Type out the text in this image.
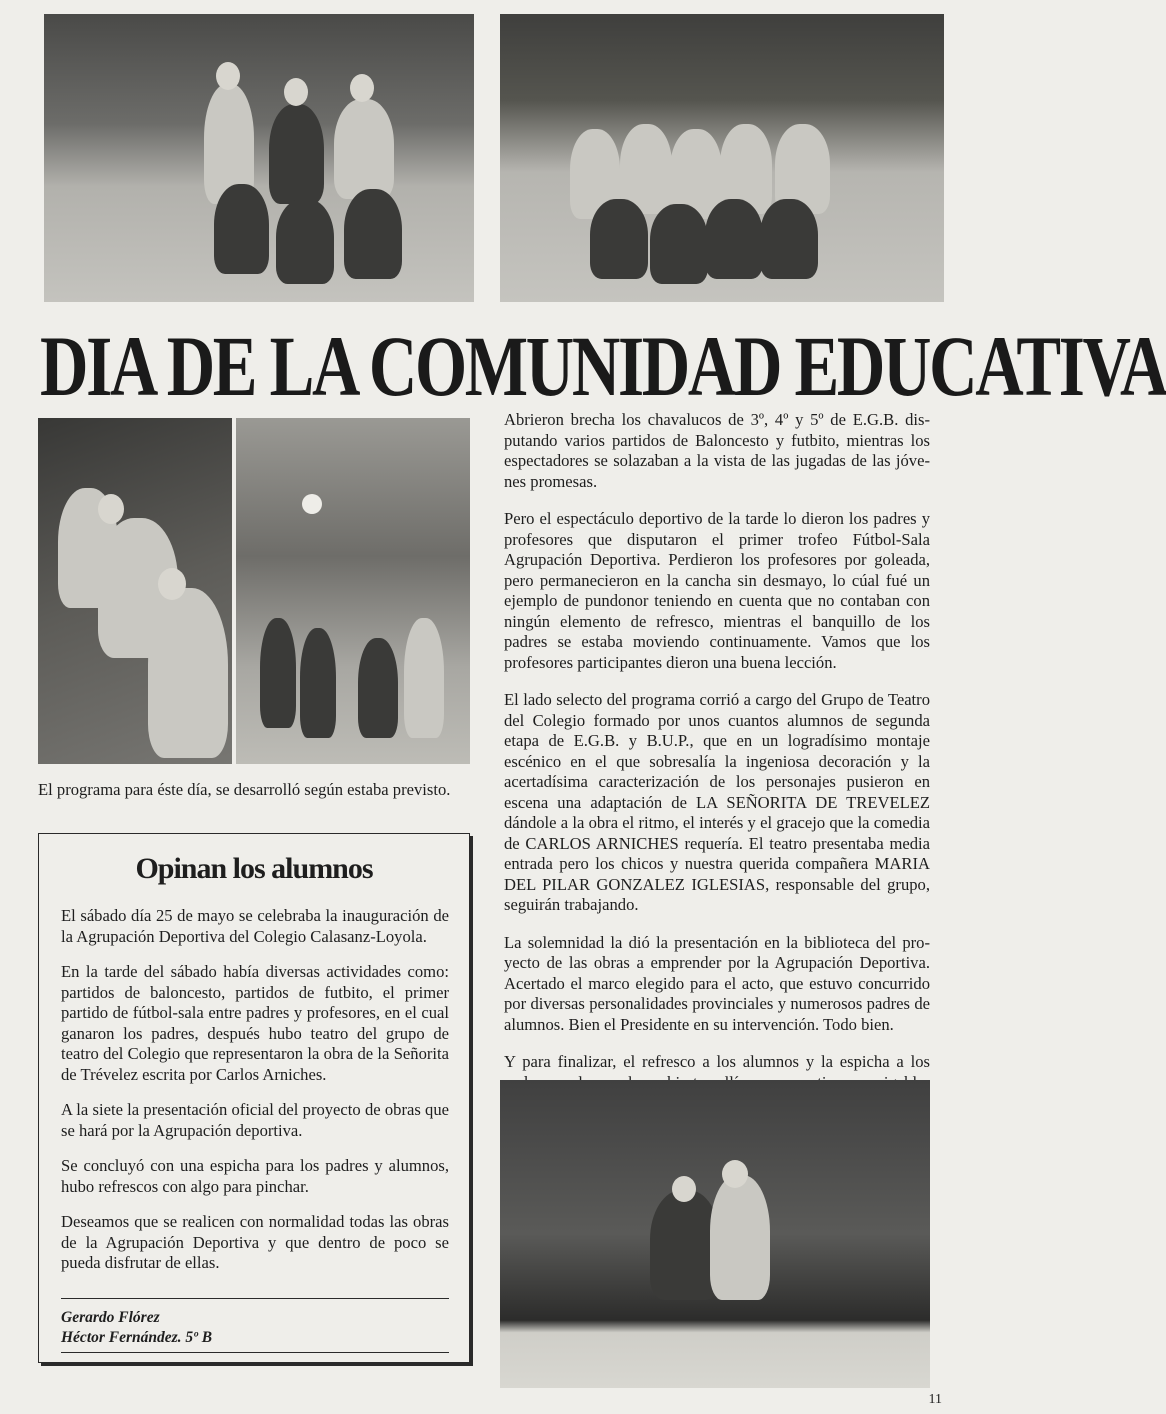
DIA DE LA COMUNIDAD EDUCATIVA

El programa para éste día, se desarrolló según estaba previsto.

Opinan los alumnos

El sábado día 25 de mayo se celebraba la inauguración de la Agrupación Deportiva del Colegio Calasanz-Loyola.

En la tarde del sábado había diversas actividades como: partidos de baloncesto, partidos de futbito, el primer partido de fútbol-sala entre padres y profesores, en el cual ganaron los padres, después hubo teatro del grupo de teatro del Colegio que representaron la obra de la Señorita de Trévelez escrita por Carlos Arniches.

A la siete la presentación oficial del proyecto de obras que se hará por la Agrupación deportiva.

Se concluyó con una espicha para los padres y alumnos, hubo refrescos con algo para pinchar.

Deseamos que se realicen con normalidad todas las obras de la Agrupación Deportiva y que dentro de poco se pueda disfrutar de ellas.

Gerardo Flórez
Héctor Fernández. 5º B

Abrieron brecha los chavalucos de 3º, 4º y 5º de E.G.B. disputando varios partidos de Baloncesto y futbito, mientras los espectadores se solazaban a la vista de las jugadas de las jóvenes promesas.

Pero el espectáculo deportivo de la tarde lo dieron los padres y profesores que disputaron el primer trofeo Fútbol-Sala Agrupación Deportiva. Perdieron los profesores por goleada, pero permanecieron en la cancha sin desmayo, lo cúal fué un ejemplo de pundonor teniendo en cuenta que no contaban con ningún elemento de refresco, mientras el banquillo de los padres se estaba moviendo continuamente. Vamos que los profesores participantes dieron una buena lección.

El lado selecto del programa corrió a cargo del Grupo de Teatro del Colegio formado por unos cuantos alumnos de segunda etapa de E.G.B. y B.U.P., que en un logradísimo montaje escénico en el que sobresalía la ingeniosa decoración y la acertadísima caracterización de los personajes pusieron en escena una adaptación de LA SEÑORITA DE TREVELEZ dándole a la obra el ritmo, el interés y el gracejo que la comedia de CARLOS ARNICHES requería. El teatro presentaba media entrada pero los chicos y nuestra querida compañera MARIA DEL PILAR GONZALEZ IGLESIAS, responsable del grupo, seguirán trabajando.

La solemnidad la dió la presentación en la biblioteca del proyecto de las obras a emprender por la Agrupación Deportiva. Acertado el marco elegido para el acto, que estuvo concurrido por diversas personalidades provinciales y numerosos padres de alumnos. Bien el Presidente en su intervención. Todo bien.

Y para finalizar, el refresco a los alumnos y la espicha a los

11
